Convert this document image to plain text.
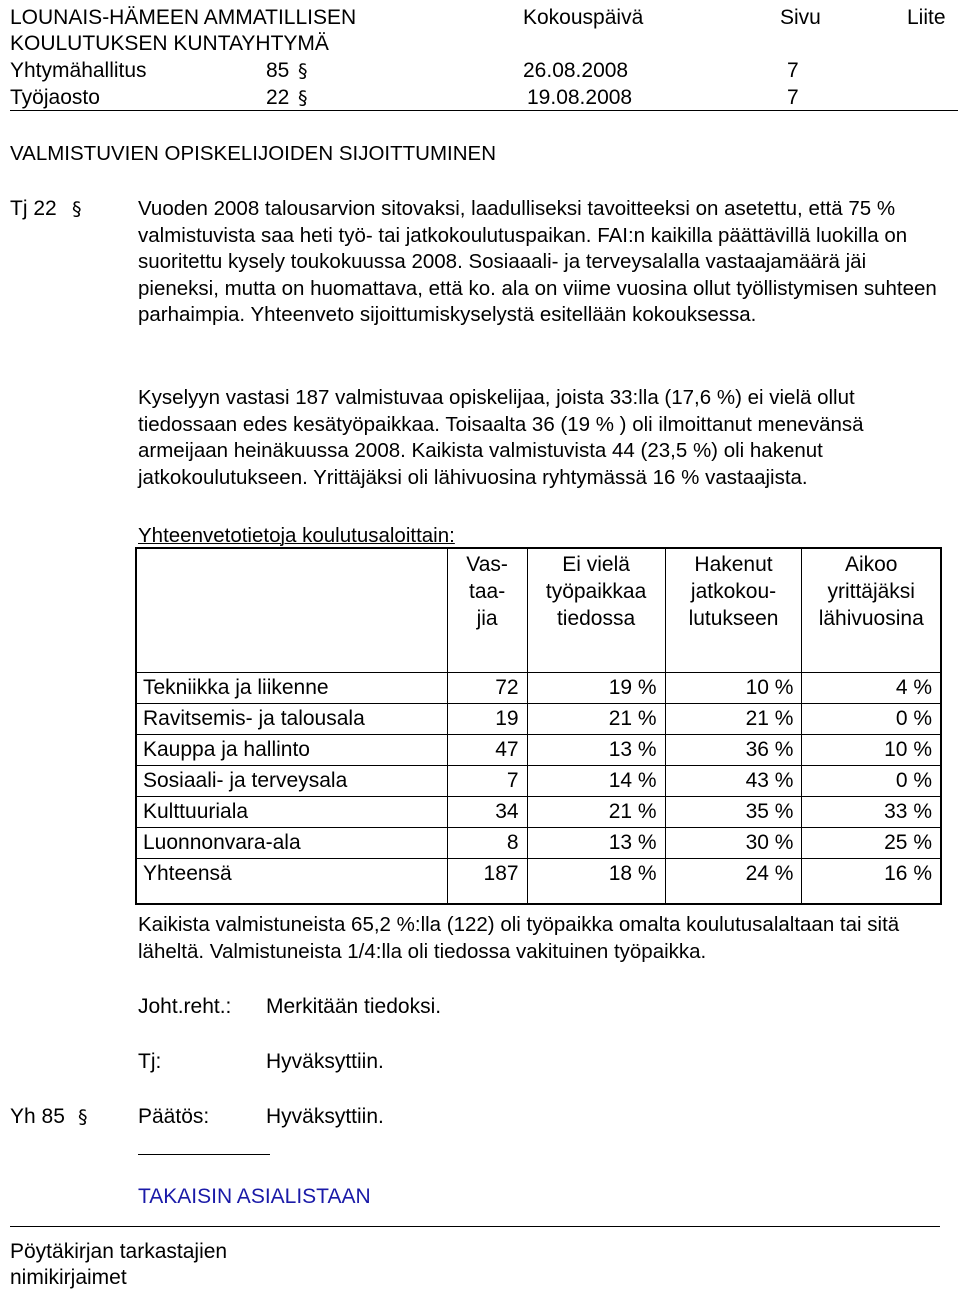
LOUNAIS-HÄMEEN AMMATILLISEN	Kokouspäivä	Sivu	Liite
KOULUTUKSEN KUNTAYHTYMÄ
Yhtymähallitus	85 §	26.08.2008	7
Työjaosto	22 §	19.08.2008	7
VALMISTUVIEN OPISKELIJOIDEN SIJOITTUMINEN
Tj 22 §	Vuoden 2008 talousarvion sitovaksi, laadulliseksi tavoitteeksi on asetettu, että 75 % valmistuvista saa heti työ- tai jatkokoulutuspaikan. FAI:n kaikilla päättävillä luokilla on suoritettu kysely toukokuussa 2008. Sosiaaali- ja terveysalalla vastaajamäärä jäi pieneksi, mutta on huomattava, että ko. ala on viime vuosina ollut työllistymisen suhteen parhaimpia. Yhteenveto sijoittumiskyselystä esitellään kokouksessa.

Kyselyyn vastasi 187 valmistuvaa opiskelijaa, joista 33:lla (17,6 %) ei vielä ollut tiedossaan edes kesätyöpaikkaa. Toisaalta 36 (19 % ) oli ilmoittanut menevänsä armeijaan heinäkuussa 2008. Kaikista valmistuvista 44 (23,5 %) oli hakenut jatkokoulutukseen. Yrittäjäksi oli lähivuosina ryhtymässä 16 % vastaajista.

Yhteenvetotietoja koulutusaloittain:
	Vas-
taa-
jia	Ei vielä
työpaikkaa
tiedossa	Hakenut
jatkokou-
lutukseen	Aikoo
yrittäjäksi
lähivuosina
Tekniikka ja liikenne	72	19 %	10 %	4 %
Ravitsemis- ja talousala	19	21 %	21 %	0 %
Kauppa ja hallinto	47	13 %	36 %	10 %
Sosiaali- ja terveysala	7	14 %	43 %	0 %
Kulttuuriala	34	21 %	35 %	33 %
Luonnonvara-ala	8	13 %	30 %	25 %
Yhteensä	187	18 %	24 %	16 %

Kaikista valmistuneista 65,2 %:lla (122) oli työpaikka omalta koulutusalaltaan tai sitä läheltä. Valmistuneista 1/4:lla oli tiedossa vakituinen työpaikka.

Joht.reht.: Merkitään tiedoksi.
Tj:	Hyväksyttiin.
Yh 85 § Päätös:	Hyväksyttiin.
TAKAISIN ASIALISTAAN
Pöytäkirjan tarkastajien
nimikirjaimet
